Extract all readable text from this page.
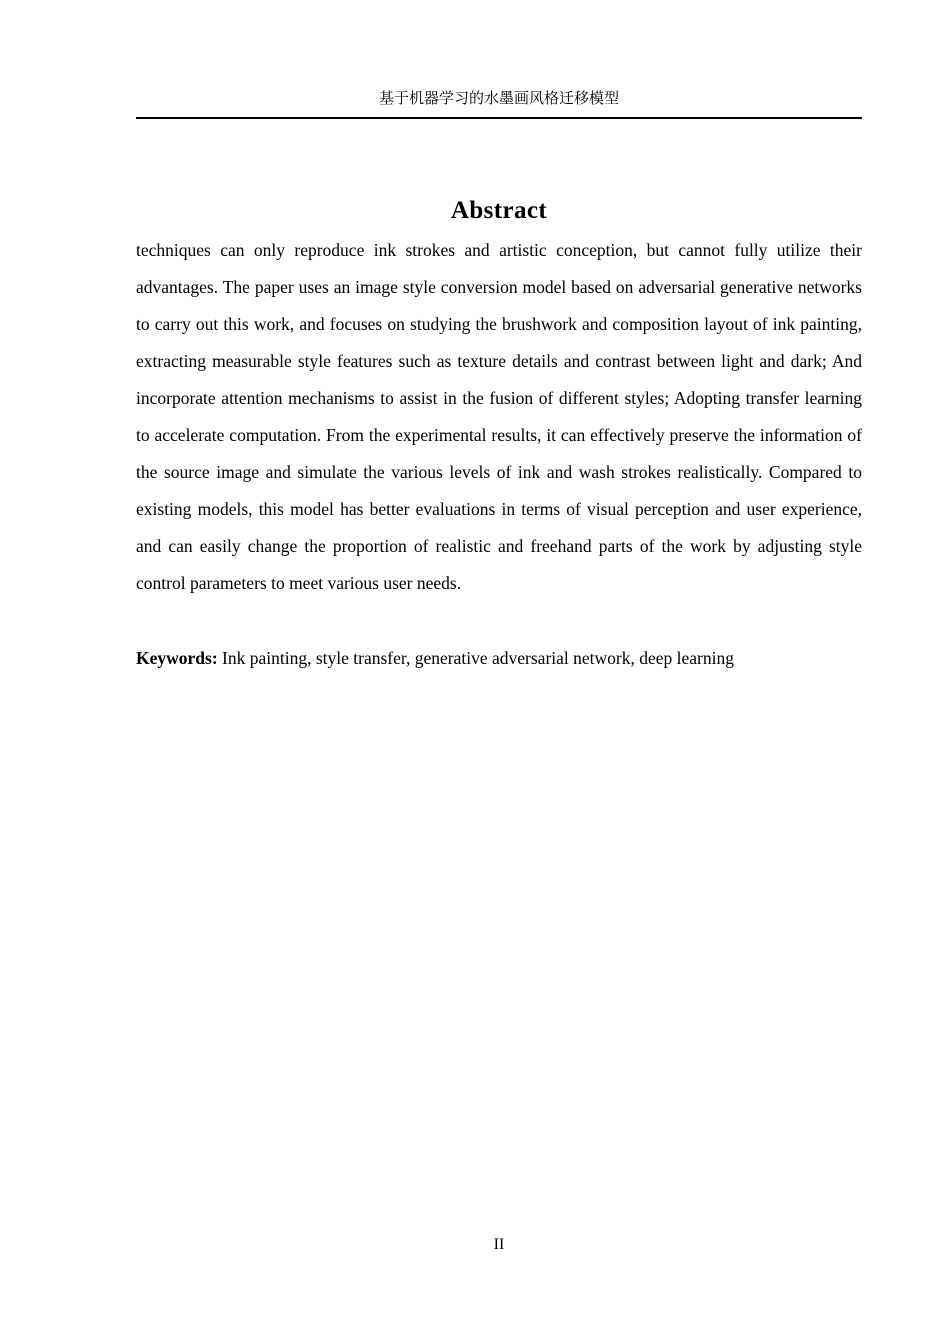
基于机器学习的水墨画风格迁移模型
Abstract
techniques can only reproduce ink strokes and artistic conception, but cannot fully utilize their advantages. The paper uses an image style conversion model based on adversarial generative networks to carry out this work, and focuses on studying the brushwork and composition layout of ink painting, extracting measurable style features such as texture details and contrast between light and dark; And incorporate attention mechanisms to assist in the fusion of different styles; Adopting transfer learning to accelerate computation. From the experimental results, it can effectively preserve the information of the source image and simulate the various levels of ink and wash strokes realistically. Compared to existing models, this model has better evaluations in terms of visual perception and user experience, and can easily change the proportion of realistic and freehand parts of the work by adjusting style control parameters to meet various user needs.
Keywords: Ink painting, style transfer, generative adversarial network, deep learning
II
